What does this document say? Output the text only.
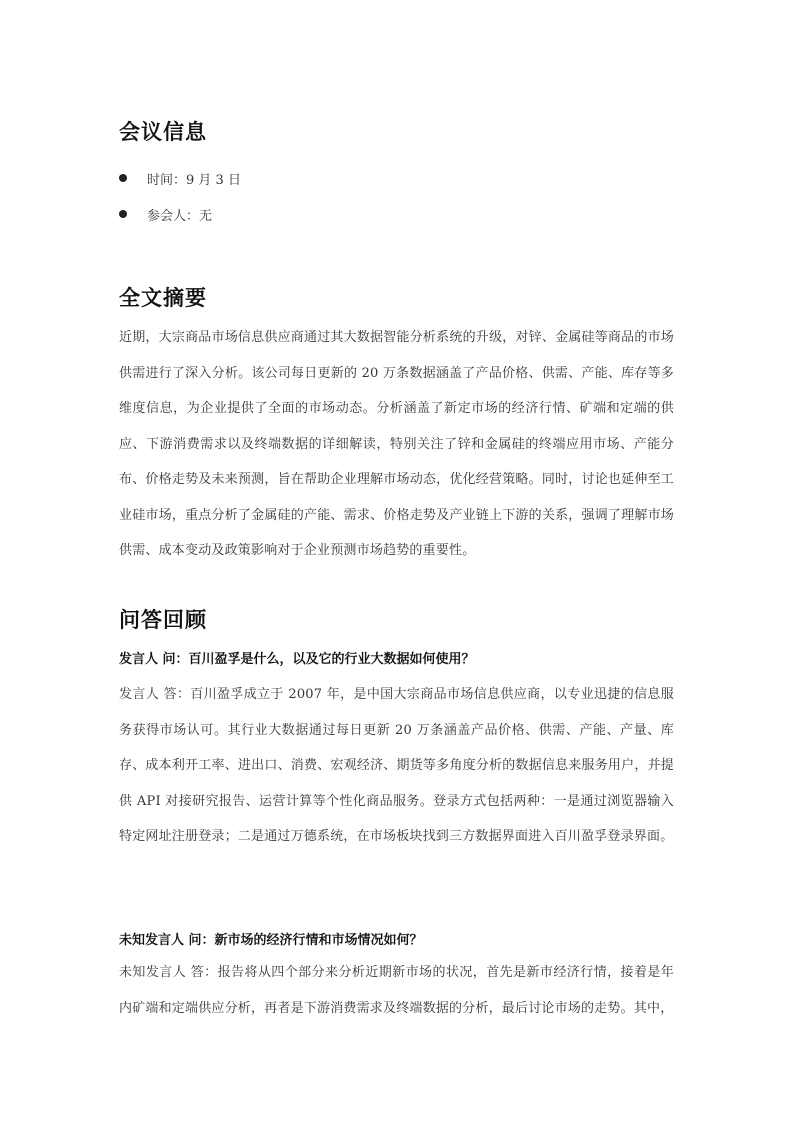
会议信息
时间：9 月 3 日
参会人：无
全文摘要

近期，大宗商品市场信息供应商通过其大数据智能分析系统的升级，对锌、金属硅等商品的市场供需进行了深入分析。该公司每日更新的 20 万条数据涵盖了产品价格、供需、产能、库存等多维度信息，为企业提供了全面的市场动态。分析涵盖了新定市场的经济行情、矿端和定端的供应、下游消费需求以及终端数据的详细解读，特别关注了锌和金属硅的终端应用市场、产能分布、价格走势及未来预测，旨在帮助企业理解市场动态，优化经营策略。同时，讨论也延伸至工业硅市场，重点分析了金属硅的产能、需求、价格走势及产业链上下游的关系，强调了理解市场供需、成本变动及政策影响对于企业预测市场趋势的重要性。

问答回顾

发言人 问：百川盈孚是什么，以及它的行业大数据如何使用？

发言人 答：百川盈孚成立于 2007 年，是中国大宗商品市场信息供应商，以专业迅捷的信息服务获得市场认可。其行业大数据通过每日更新 20 万条涵盖产品价格、供需、产能、产量、库存、成本利开工率、进出口、消费、宏观经济、期货等多角度分析的数据信息来服务用户，并提供 API 对接研究报告、运营计算等个性化商品服务。登录方式包括两种：一是通过浏览器输入特定网址注册登录；二是通过万德系统，在市场板块找到三方数据界面进入百川盈孚登录界面。

未知发言人 问：新市场的经济行情和市场情况如何？

未知发言人 答：报告将从四个部分来分析近期新市场的状况，首先是新市经济行情，接着是年内矿端和定端供应分析，再者是下游消费需求及终端数据的分析，最后讨论市场的走势。其中，
